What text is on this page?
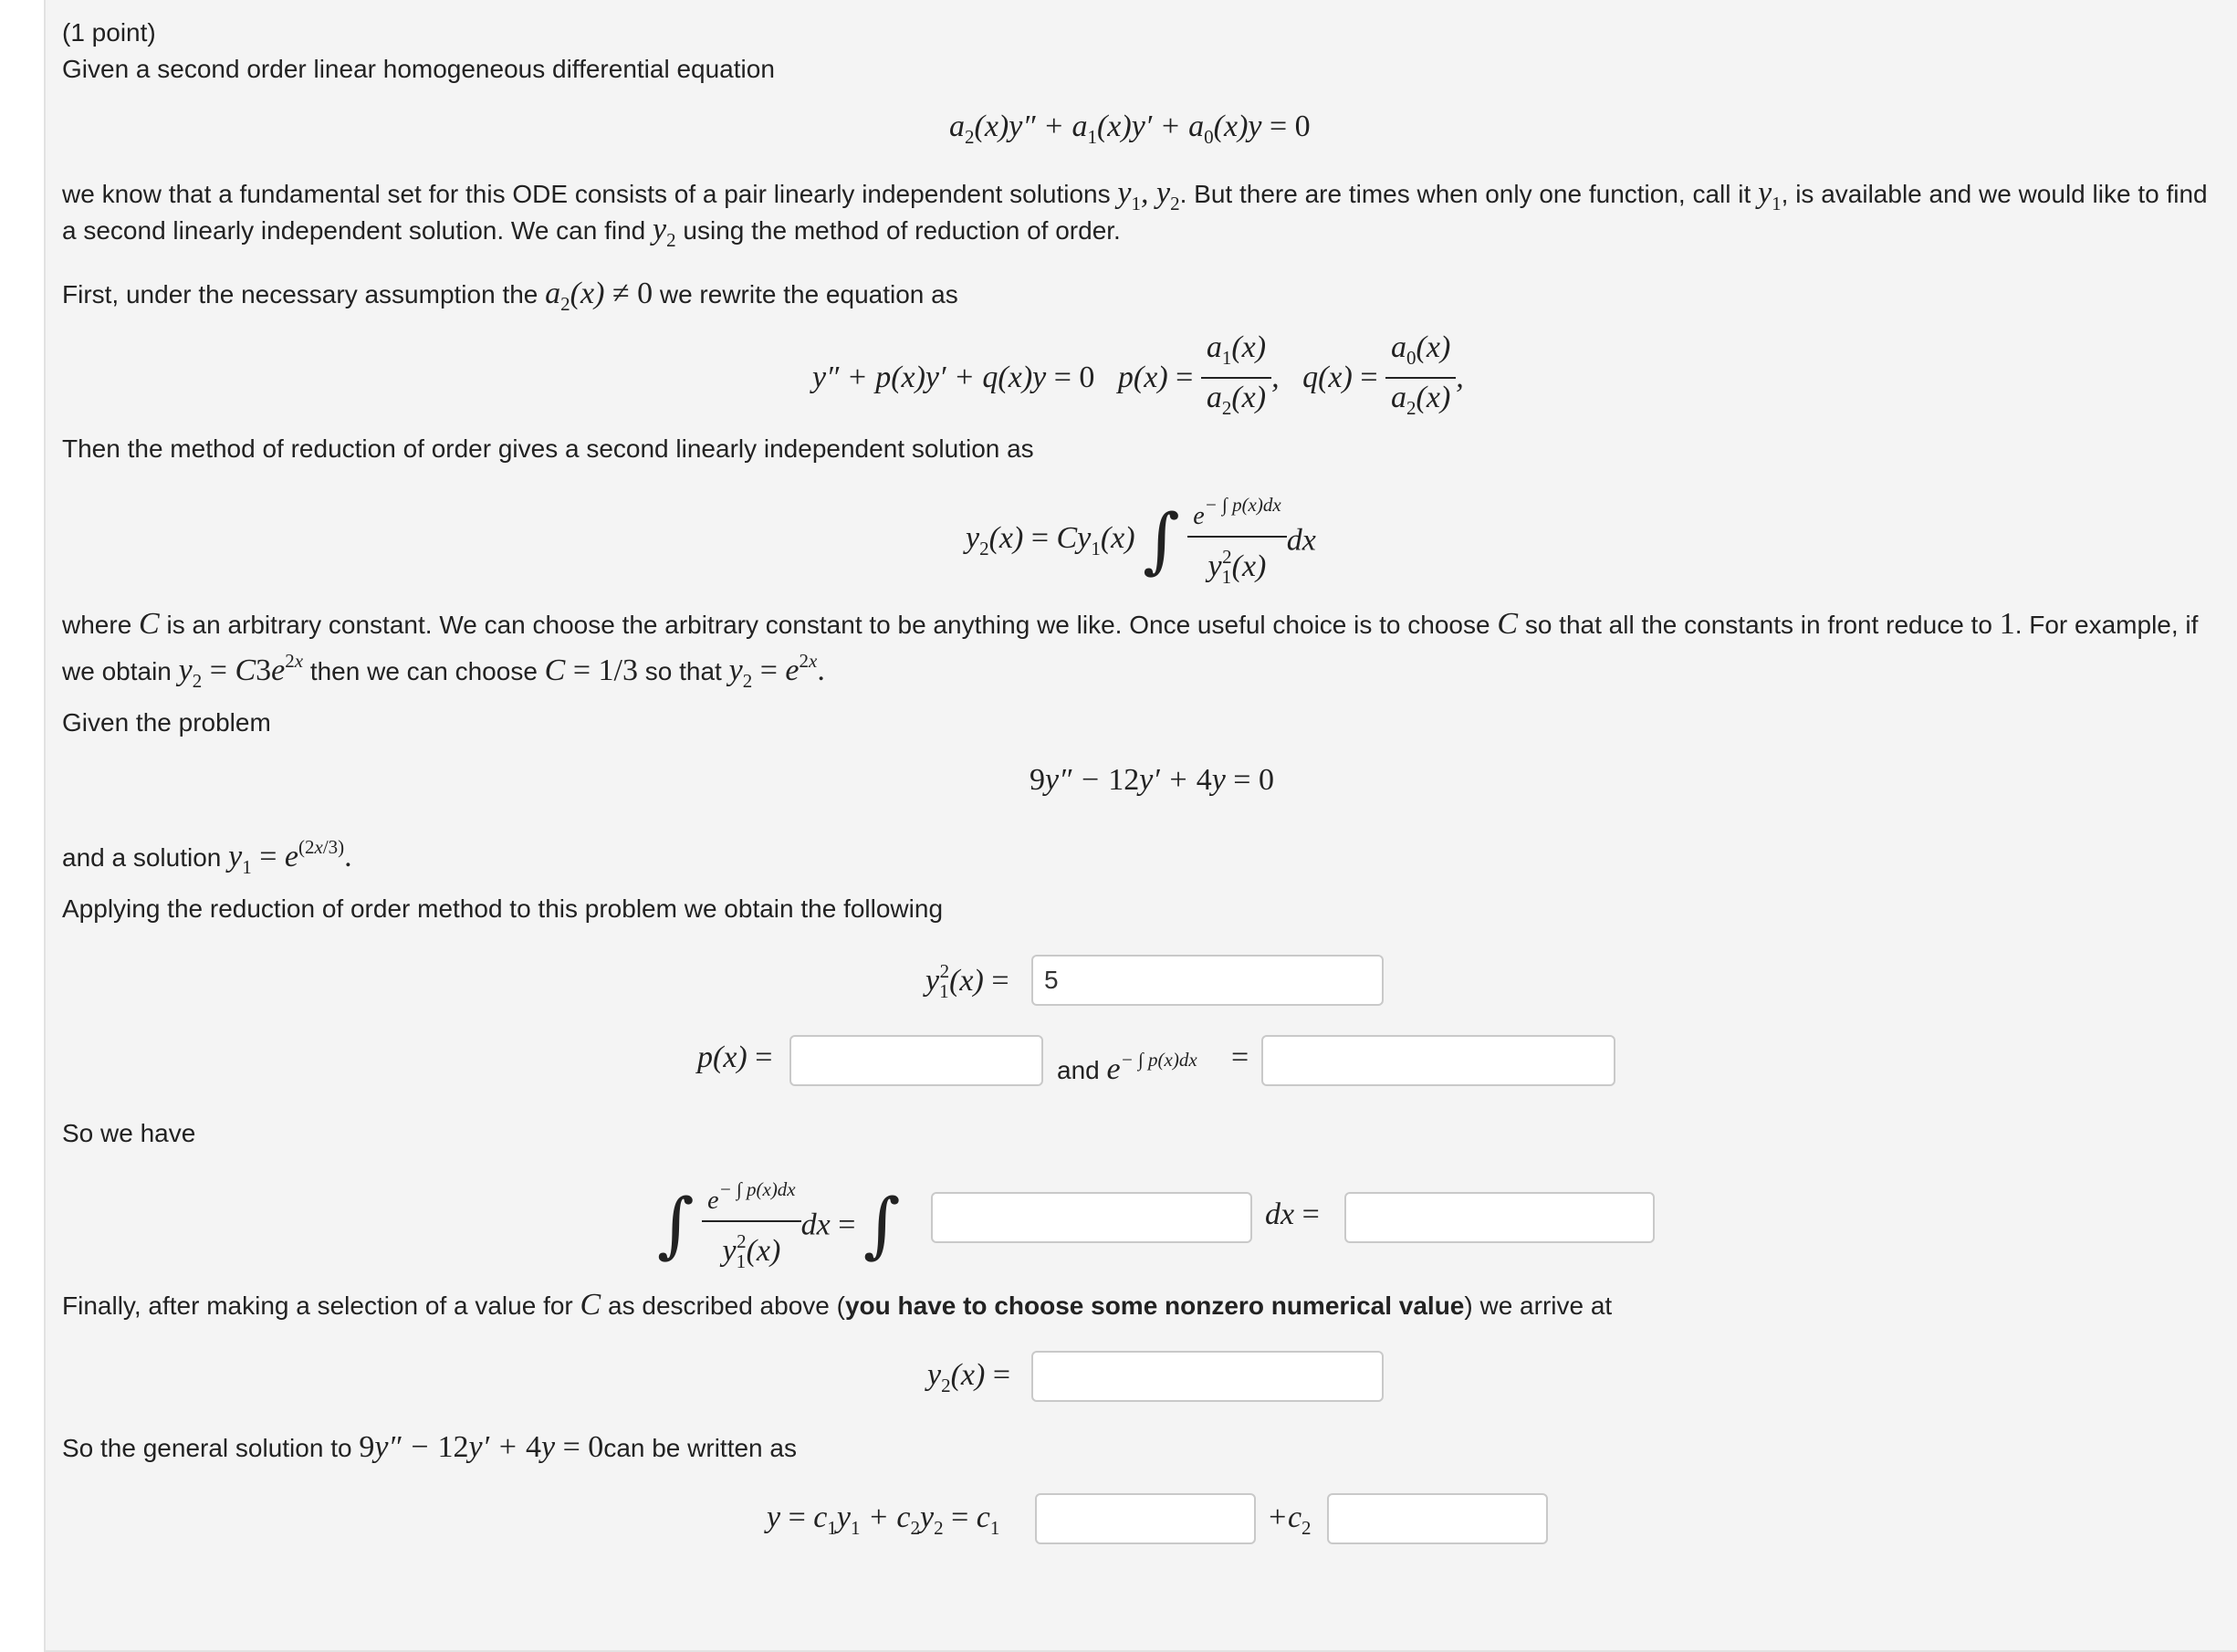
(1 point)
Given a second order linear homogeneous differential equation
$a_2(x)y'' + a_1(x)y' + a_0(x)y = 0$
we know that a fundamental set for this ODE consists of a pair linearly independent solutions $y_1$, $y_2$. But there are times when only one function, call it $y_1$, is available and we would like to find
a second linearly independent solution. We can find $y_2$ using the method of reduction of order.
First, under the necessary assumption the $a_2(x) \ne 0$ we rewrite the equation as
y″ + p(x)y′ + q(x)y = 0   $p(x) = \frac{a_1(x)}{a_2(x)}$ ,   $q(x) = \frac{a_0(x)}{a_2(x)}$ ,
Then the method of reduction of order gives a second linearly independent solution as
$y_2(x) = Cy_1(x)$ ∫ $\frac{e^{- \int p(x)dx}}{y_1^2(x)}$ dx
where C is an arbitrary constant. We can choose the arbitrary constant to be anything we like. Once useful choice is to choose C so that all the constants in front reduce to 1. For example, if
we obtain $y_2 = C3e^{2x}$ then we can choose C = 1/3 so that $y_2 = e^{2x}$.
Given the problem
9y″ − 12y′ + 4y = 0
and a solution $y_1 = e^{(2x/3)}$.
Applying the reduction of order method to this problem we obtain the following
$y_1^2(x)$ =	5
p(x) =	and $e^{- \int p(x)dx}$ =
So we have
∫ $\frac{e^{- \int p(x)dx}}{y_1^2(x)}$ dx = ∫	dx =
Finally, after making a selection of a value for C as described above (you have to choose some nonzero numerical value) we arrive at
$y_2(x)$ =
So the general solution to 9y″ − 12y′ + 4y = 0can be written as
$y = c_1y_1 + c_2y_2 = c_1$	$+c_2$
